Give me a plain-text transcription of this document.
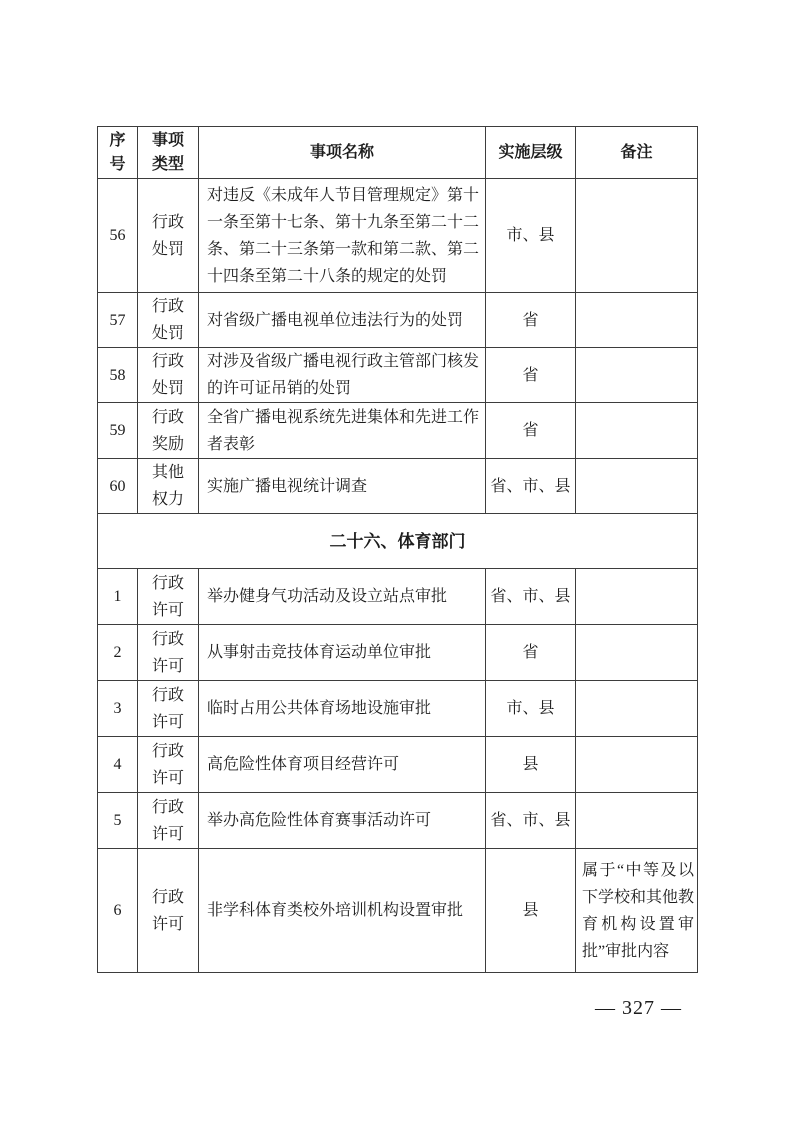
序号	事项类型	事项名称	实施层级	备注
56	行政处罚	对违反《未成年人节目管理规定》第十一条至第十七条、第十九条至第二十二条、第二十三条第一款和第二款、第二十四条至第二十八条的规定的处罚	市、县	
57	行政处罚	对省级广播电视单位违法行为的处罚	省	
58	行政处罚	对涉及省级广播电视行政主管部门核发的许可证吊销的处罚	省	
59	行政奖励	全省广播电视系统先进集体和先进工作者表彰	省	
60	其他权力	实施广播电视统计调查	省、市、县	
二十六、体育部门				
1	行政许可	举办健身气功活动及设立站点审批	省、市、县	
2	行政许可	从事射击竞技体育运动单位审批	省	
3	行政许可	临时占用公共体育场地设施审批	市、县	
4	行政许可	高危险性体育项目经营许可	县	
5	行政许可	举办高危险性体育赛事活动许可	省、市、县	
6	行政许可	非学科体育类校外培训机构设置审批	县	属于“中等及以下学校和其他教育机构设置审批”审批内容
— 327 —
